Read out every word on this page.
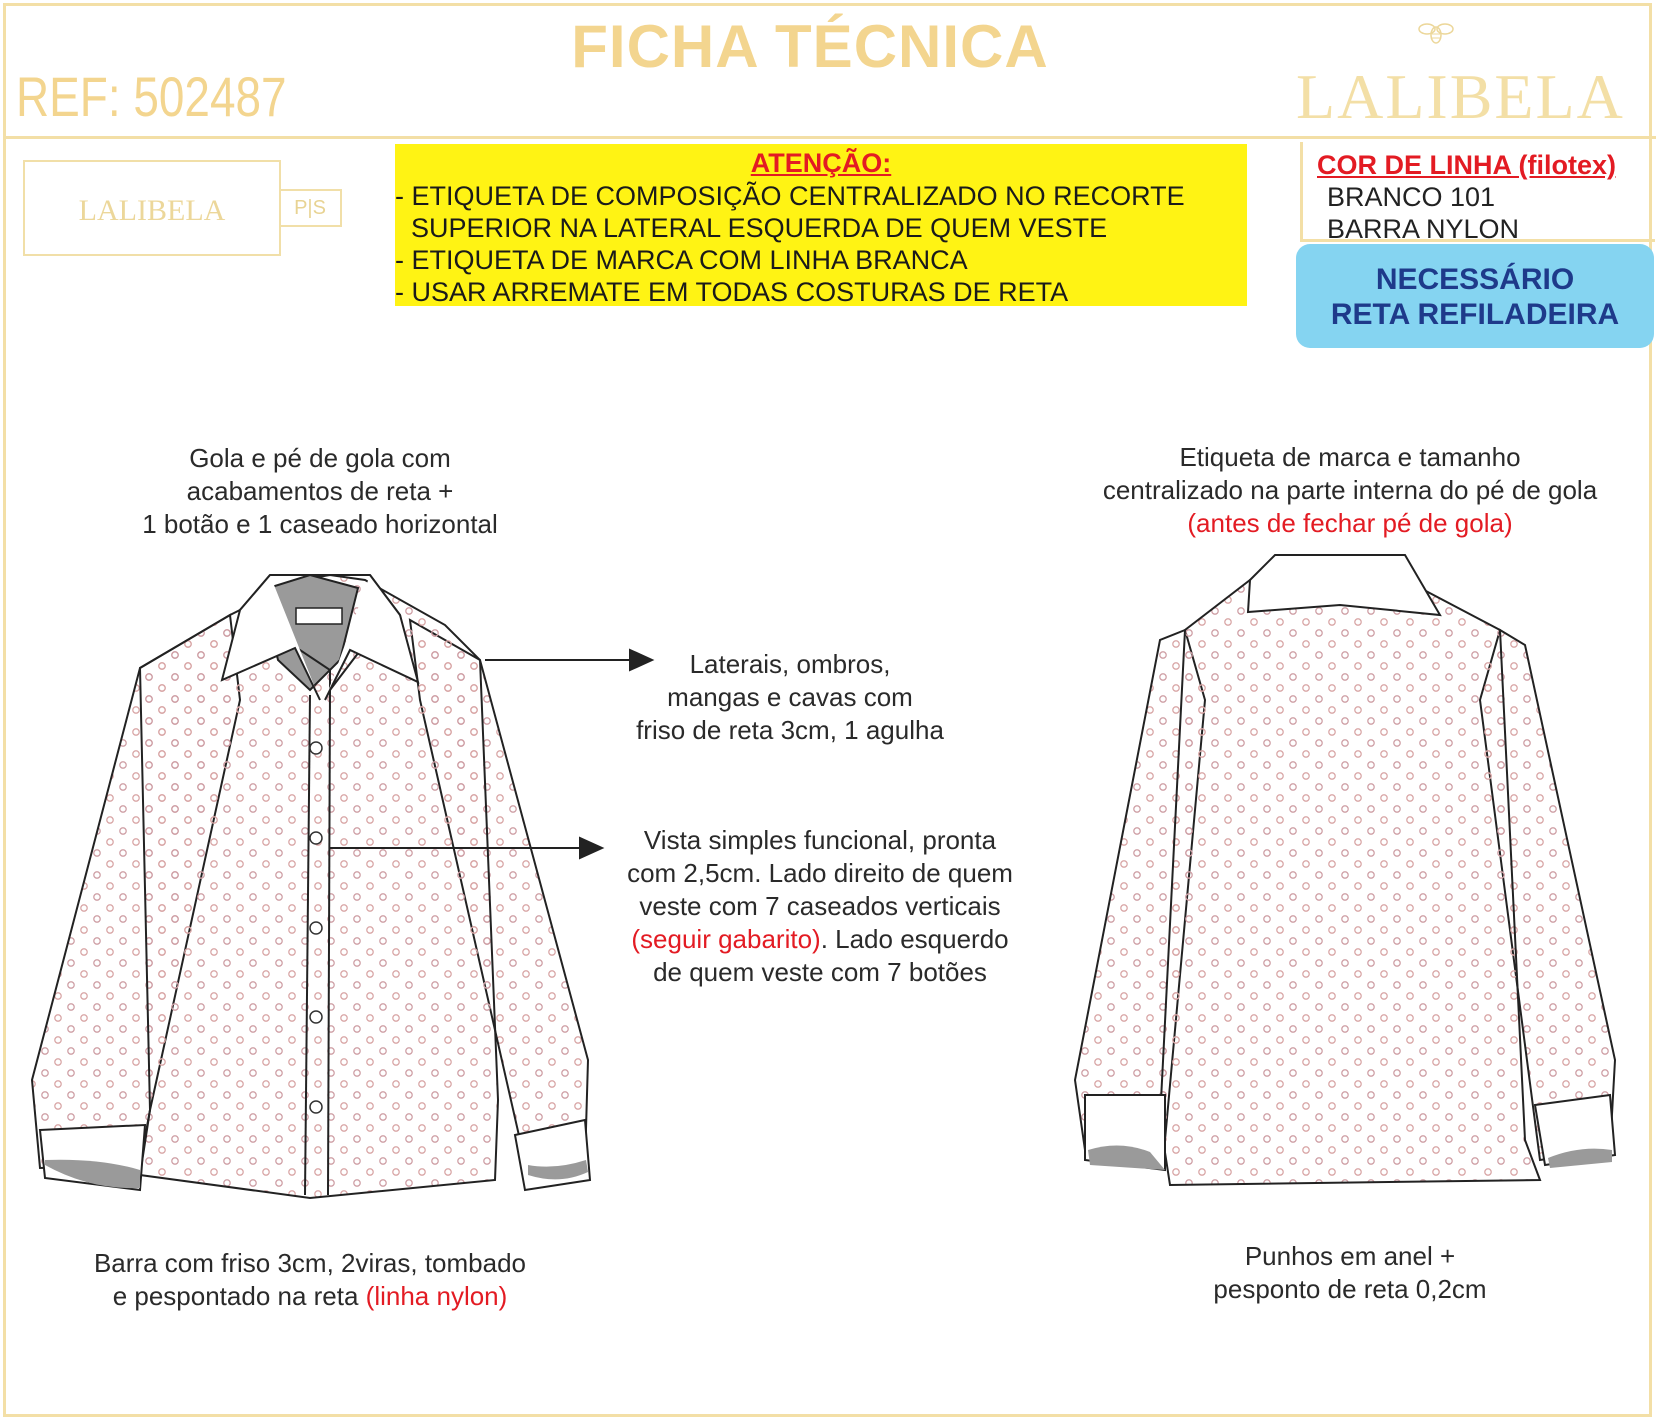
FICHA TÉCNICA
REF: 502487	LALIBELA
LALIBELA	P|S
ATENÇÃO:
- ETIQUETA DE COMPOSIÇÃO CENTRALIZADO NO RECORTE
SUPERIOR NA LATERAL ESQUERDA DE QUEM VESTE
- ETIQUETA DE MARCA COM LINHA BRANCA
- USAR ARREMATE EM TODAS COSTURAS DE RETA
COR DE LINHA (filotex)
BRANCO 101
BARRA NYLON
NECESSÁRIO
RETA REFILADEIRA
Gola e pé de gola com
acabamentos de reta +
1 botão e 1 caseado horizontal
Etiqueta de marca e tamanho
centralizado na parte interna do pé de gola
(antes de fechar pé de gola)
Laterais, ombros,
mangas e cavas com
friso de reta 3cm, 1 agulha
Vista simples funcional, pronta
com 2,5cm. Lado direito de quem
veste com 7 caseados verticais
(seguir gabarito). Lado esquerdo
de quem veste com 7 botões
Barra com friso 3cm, 2viras, tombado
e pespontado na reta (linha nylon)
Punhos em anel +
pesponto de reta 0,2cm
